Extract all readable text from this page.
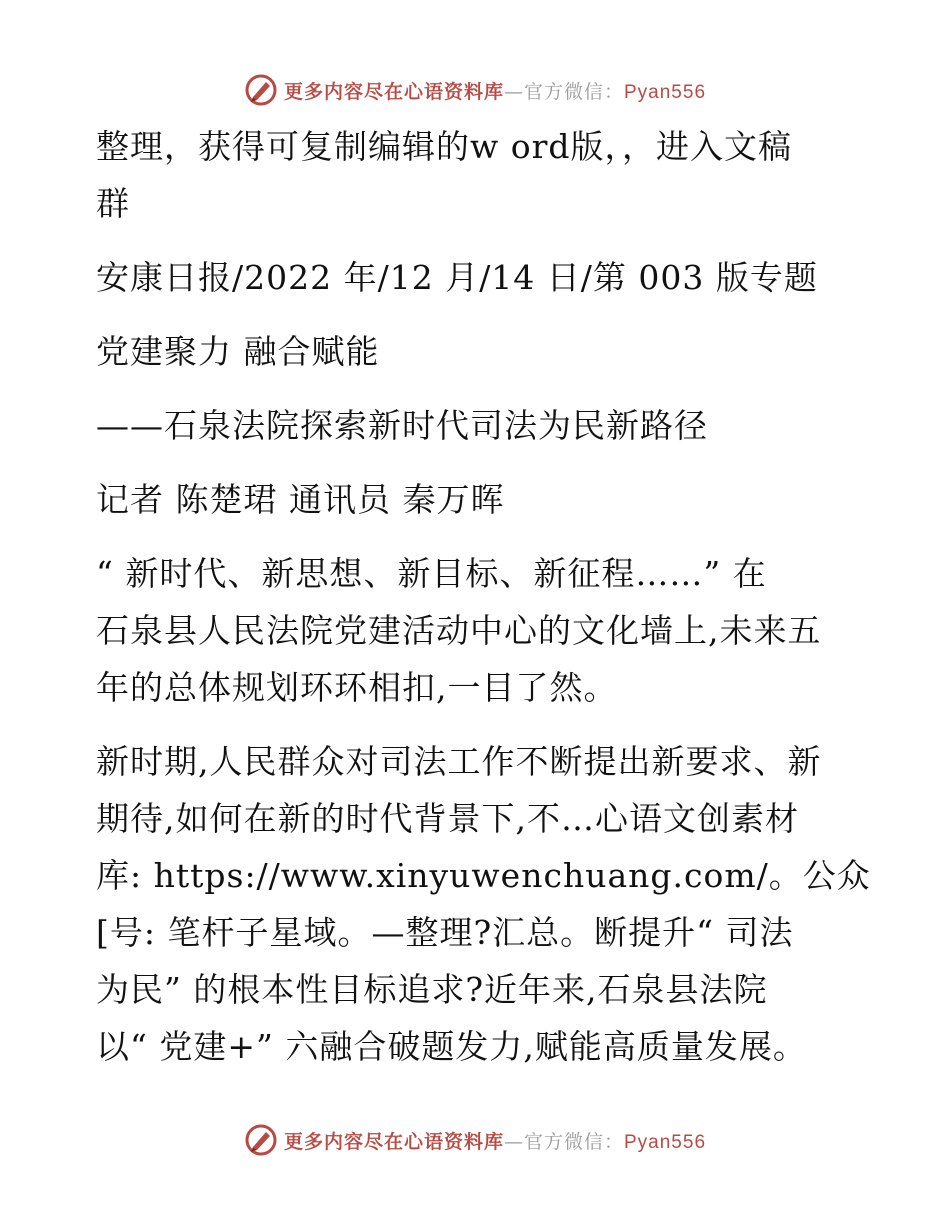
更多内容尽在心语资料库—官方微信：Pyan556
整理，获得可复制编辑的w ord版，，进入文稿
群
安康日报/2022 年/12 月/14 日/第 003 版专题
党建聚力 融合赋能
——石泉法院探索新时代司法为民新路径
记者 陈楚珺 通讯员 秦万晖
“ 新时代、新思想、新目标、新征程……” 在
石泉县人民法院党建活动中心的文化墙上,未来五
年的总体规划环环相扣,一目了然。
新时期,人民群众对司法工作不断提出新要求、新
期待,如何在新的时代背景下,不…心语文创素材
库: https://www.xinyuwenchuang.com/。公众
[号: 笔杆子星域。—整理?汇总。断提升“ 司法
为民” 的根本性目标追求?近年来,石泉县法院
以“ 党建+” 六融合破题发力,赋能高质量发展。
更多内容尽在心语资料库—官方微信：Pyan556
